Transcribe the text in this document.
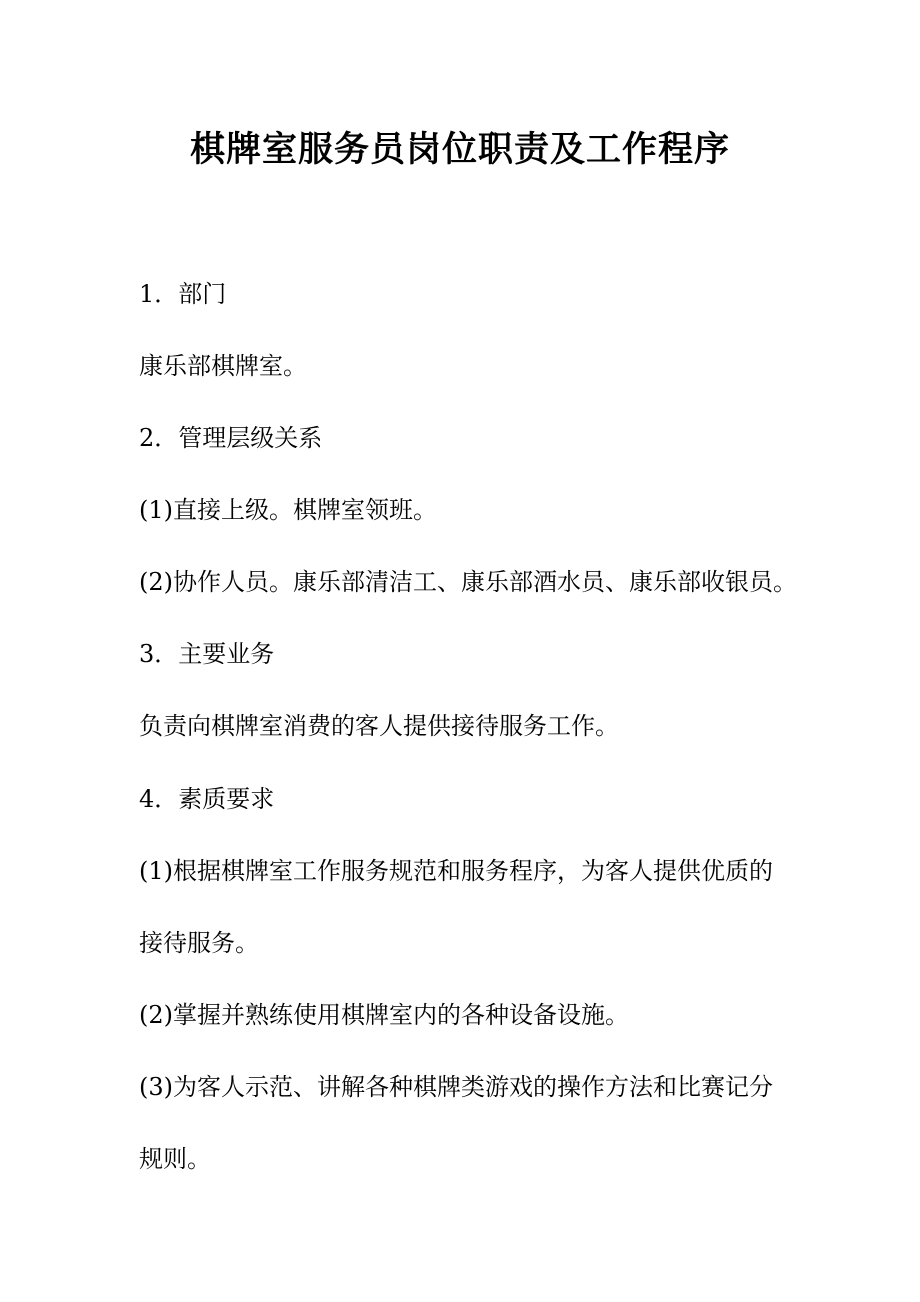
棋牌室服务员岗位职责及工作程序
1．部门
康乐部棋牌室。
2．管理层级关系
(1)直接上级。棋牌室领班。
(2)协作人员。康乐部清洁工、康乐部酒水员、康乐部收银员。
3．主要业务
负责向棋牌室消费的客人提供接待服务工作。
4．素质要求
(1)根据棋牌室工作服务规范和服务程序，为客人提供优质的
接待服务。
(2)掌握并熟练使用棋牌室内的各种设备设施。
(3)为客人示范、讲解各种棋牌类游戏的操作方法和比赛记分
规则。
